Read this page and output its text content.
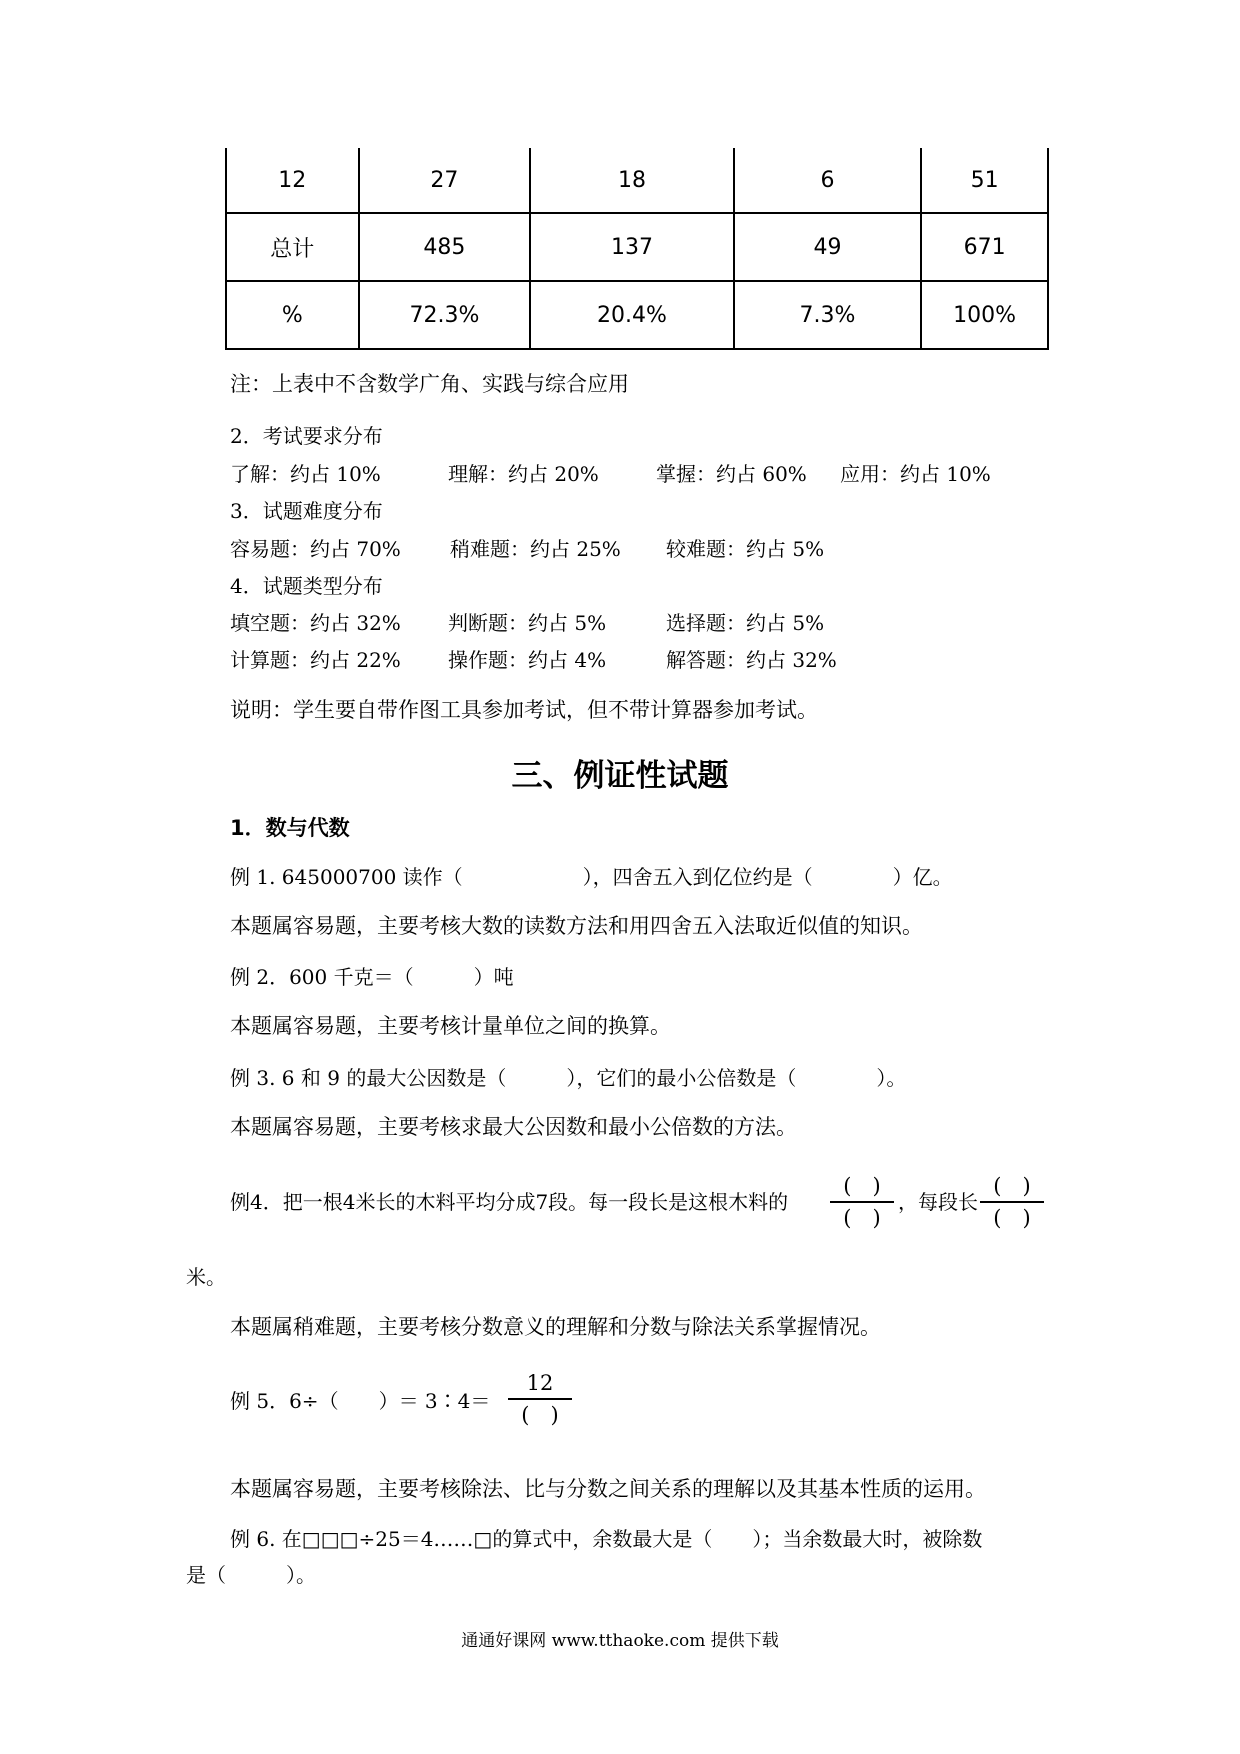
12	27	18	6	51
总计	485	137	49	671
%	72.3%	20.4%	7.3%	100%
注：上表中不含数学广角、实践与综合应用
2．考试要求分布
了解：约占 10%	理解：约占 20%	掌握：约占 60% 应用：约占 10%
3．试题难度分布
容易题：约占 70% 稍难题：约占 25% 较难题：约占 5%
4．试题类型分布
填空题：约占 32% 判断题：约占 5%	选择题：约占 5%
计算题：约占 22% 操作题：约占 4%	解答题：约占 32%
说明：学生要自带作图工具参加考试，但不带计算器参加考试。
三、例证性试题
1．数与代数
例 1. 645000700 读作（　　　　　　），四舍五入到亿位约是（　　　　）亿。
本题属容易题，主要考核大数的读数方法和用四舍五入法取近似值的知识。
例 2．600 千克＝（　　　）吨
本题属容易题，主要考核计量单位之间的换算。
例 3. 6 和 9 的最大公因数是（　　　），它们的最小公倍数是（　　　　）。
本题属容易题，主要考核求最大公因数和最小公倍数的方法。
例4．把一根4米长的木料平均分成7段。每一段长是这根木料的
(　)
(　)
，每段长
(　)
(　)
米。
本题属稍难题，主要考核分数意义的理解和分数与除法关系掌握情况。
例 5．6÷（　　）＝ 3∶4＝
12
(　)
本题属容易题，主要考核除法、比与分数之间关系的理解以及其基本性质的运用。
例 6. 在□□□÷25＝4……□的算式中，余数最大是（　　）；当余数最大时，被除数
是（　　　）。
通通好课网 www.tthaoke.com 提供下载
